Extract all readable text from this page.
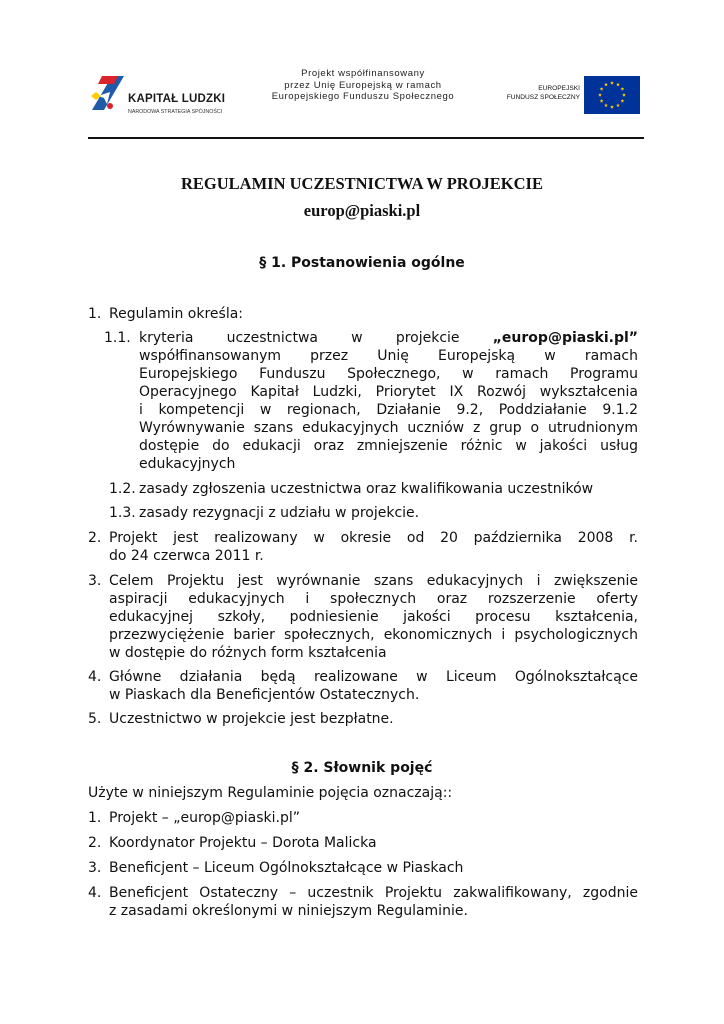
KAPITAŁ LUDZKI
NARODOWA STRATEGIA SPÓJNOŚCI
Projekt współfinansowany
przez Unię Europejską w ramach
Europejskiego Funduszu Społecznego
EUROPEJSKI
FUNDUSZ SPOŁECZNY
REGULAMIN UCZESTNICTWA W PROJEKCIE
europ@piaski.pl
§ 1. Postanowienia ogólne
1. Regulamin określa:
1.1. kryteria uczestnictwa w projekcie „europ@piaski.pl”
współfinansowanym przez Unię Europejską w ramach
Europejskiego Funduszu Społecznego, w ramach Programu
Operacyjnego Kapitał Ludzki, Priorytet IX Rozwój wykształcenia
i kompetencji w regionach, Działanie 9.2, Poddziałanie 9.1.2
Wyrównywanie szans edukacyjnych uczniów z grup o utrudnionym
dostępie do edukacji oraz zmniejszenie różnic w jakości usług
edukacyjnych
1.2. zasady zgłoszenia uczestnictwa oraz kwalifikowania uczestników
1.3. zasady rezygnacji z udziału w projekcie.
2. Projekt jest realizowany w okresie od 20 października 2008 r.
do 24 czerwca 2011 r.
3. Celem Projektu jest wyrównanie szans edukacyjnych i zwiększenie
aspiracji edukacyjnych i społecznych oraz rozszerzenie oferty
edukacyjnej szkoły, podniesienie jakości procesu kształcenia,
przezwyciężenie barier społecznych, ekonomicznych i psychologicznych
w dostępie do różnych form kształcenia
4. Główne działania będą realizowane w Liceum Ogólnokształcące
w Piaskach dla Beneficjentów Ostatecznych.
5. Uczestnictwo w projekcie jest bezpłatne.
§ 2. Słownik pojęć
Użyte w niniejszym Regulaminie pojęcia oznaczają::
1. Projekt – „europ@piaski.pl”
2. Koordynator Projektu – Dorota Malicka
3. Beneficjent – Liceum Ogólnokształcące w Piaskach
4. Beneficjent Ostateczny – uczestnik Projektu zakwalifikowany, zgodnie
z zasadami określonymi w niniejszym Regulaminie.
